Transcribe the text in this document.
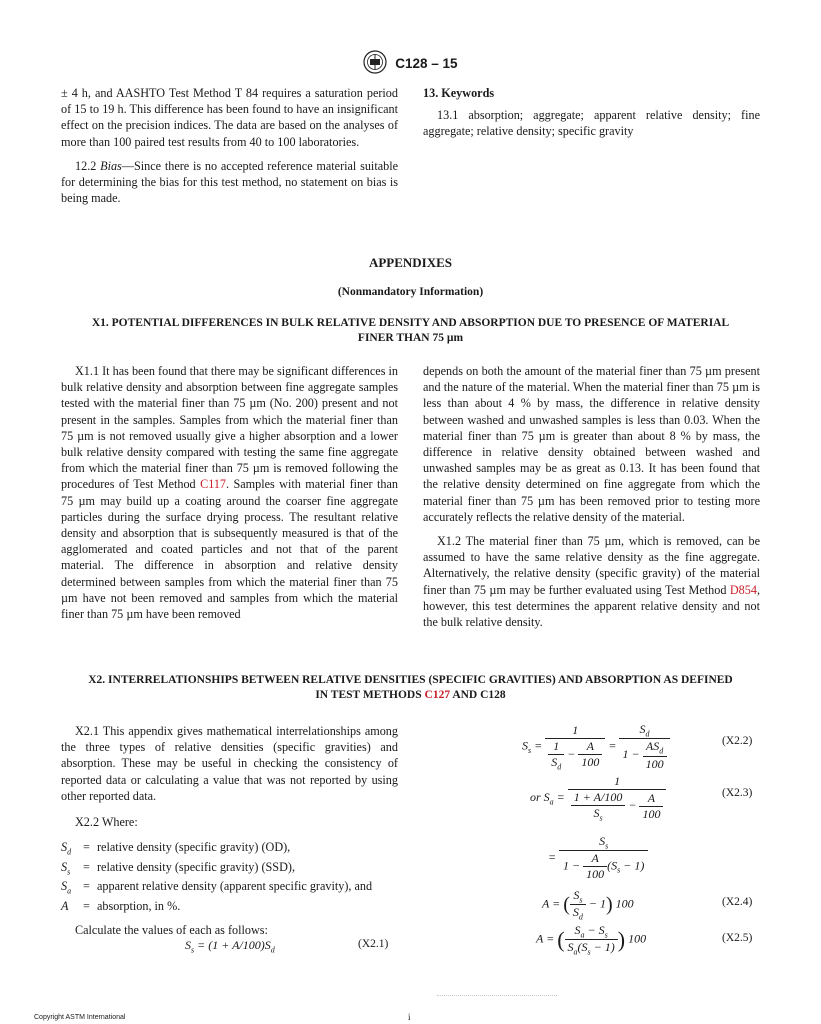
C128 – 15

± 4 h, and AASHTO Test Method T 84 requires a saturation period of 15 to 19 h. This difference has been found to have an insignificant effect on the precision indices. The data are based on the analyses of more than 100 paired test results from 40 to 100 laboratories.

12.2 Bias—Since there is no accepted reference material suitable for determining the bias for this test method, no statement on bias is being made.

13. Keywords

13.1 absorption; aggregate; apparent relative density; fine aggregate; relative density; specific gravity

APPENDIXES
(Nonmandatory Information)
X1. POTENTIAL DIFFERENCES IN BULK RELATIVE DENSITY AND ABSORPTION DUE TO PRESENCE OF MATERIAL
FINER THAN 75 µm

X1.1 It has been found that there may be significant differences in bulk relative density and absorption between fine aggregate samples tested with the material finer than 75 µm (No. 200) present and not present in the samples. Samples from which the material finer than 75 µm is not removed usually give a higher absorption and a lower bulk relative density compared with testing the same fine aggregate from which the material finer than 75 µm is removed following the procedures of Test Method C117. Samples with material finer than 75 µm may build up a coating around the coarser fine aggregate particles during the surface drying process. The resultant relative density and absorption that is subsequently measured is that of the agglomerated and coated particles and not that of the parent material. The difference in absorption and relative density determined between samples from which the material finer than 75 µm have not been removed and samples from which the material finer than 75 µm have been removed

depends on both the amount of the material finer than 75 µm present and the nature of the material. When the material finer than 75 µm is less than about 4 % by mass, the difference in relative density between washed and unwashed samples is less than 0.03. When the material finer than 75 µm is greater than about 8 % by mass, the difference in relative density obtained between washed and unwashed samples may be as great as 0.13. It has been found that the relative density determined on fine aggregate from which the material finer than 75 µm has been removed prior to testing more accurately reflects the relative density of the material.

X1.2 The material finer than 75 µm, which is removed, can be assumed to have the same relative density as the fine aggregate. Alternatively, the relative density (specific gravity) of the material finer than 75 µm may be further evaluated using Test Method D854, however, this test determines the apparent relative density and not the bulk relative density.

X2. INTERRELATIONSHIPS BETWEEN RELATIVE DENSITIES (SPECIFIC GRAVITIES) AND ABSORPTION AS DEFINED
IN TEST METHODS C127 AND C128

X2.1 This appendix gives mathematical interrelationships among the three types of relative densities (specific gravities) and absorption. These may be useful in checking the consistency of reported data or calculating a value that was not reported by using other reported data.

X2.2 Where:

$S_d$ = relative density (specific gravity) (OD),
$S_s$ = relative density (specific gravity) (SSD),
$S_a$ = apparent relative density (apparent specific gravity), and
A = absorption, in %.

Calculate the values of each as follows:

$S_s = (1 + A/100)S_d$	(X2.1)
$S_s = \frac{1}{\frac{1}{S_d} - \frac{A}{100}} = \frac{S_d}{1 - \frac{AS_d}{100}}$	(X2.2)
or $S_a = \frac{1}{\frac{1 + A/100}{S_s} - \frac{A}{100}}$	(X2.3)
= $\frac{S_s}{1 - \frac{A}{100} (S_s - 1)}$
A = ( $\frac{S_s}{S_d} - 1$) 100	(X2.4)
A = ( $\frac{S_a - S_s}{S_a(S_s - 1)}$ ) 100	(X2.5)
Copyright ASTM International	i
